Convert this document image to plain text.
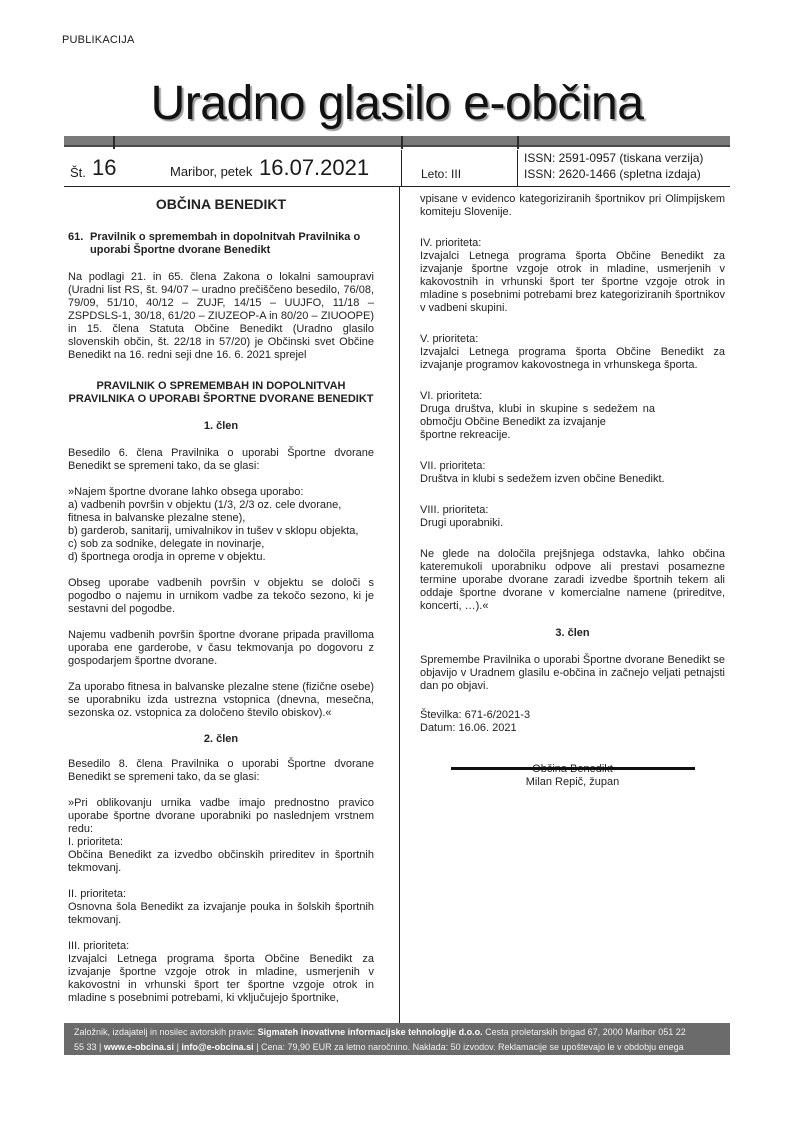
PUBLIKACIJA
Uradno glasilo e-občina
Št. 16	Maribor, petek 16.07.2021	Leto: III
ISSN: 2591-0957 (tiskana verzija)
ISSN: 2620-1466 (spletna izdaja)
OBČINA BENEDIKT
61. Pravilnik o spremembah in dopolnitvah Pravilnika o uporabi Športne dvorane Benedikt

Na podlagi 21. in 65. člena Zakona o lokalni samoupravi (Uradni list RS, št. 94/07 – uradno prečiščeno besedilo, 76/08, 79/09, 51/10, 40/12 – ZUJF, 14/15 – UUJFO, 11/18 – ZSPDSLS-1, 30/18, 61/20 – ZIUZEOP-A in 80/20 – ZIUOOPE) in 15. člena Statuta Občine Benedikt (Uradno glasilo slovenskih občin, št. 22/18 in 57/20) je Občinski svet Občine Benedikt na 16. redni seji dne 16. 6. 2021 sprejel

PRAVILNIK O SPREMEMBAH IN DOPOLNITVAH PRAVILNIKA O UPORABI ŠPORTNE DVORANE BENEDIKT
1. člen

Besedilo 6. člena Pravilnika o uporabi Športne dvorane Benedikt se spremeni tako, da se glasi:

»Najem športne dvorane lahko obsega uporabo:
a) vadbenih površin v objektu (1/3, 2/3 oz. cele dvorane, fitnesa in balvanske plezalne stene),
b) garderob, sanitarij, umivalnikov in tušev v sklopu objekta,
c) sob za sodnike, delegate in novinarje,
d) športnega orodja in opreme v objektu.

Obseg uporabe vadbenih površin v objektu se določi s pogodbo o najemu in urnikom vadbe za tekočo sezono, ki je sestavni del pogodbe.

Najemu vadbenih površin športne dvorane pripada pravilloma uporaba ene garderobe, v času tekmovanja po dogovoru z gospodarjem športne dvorane.

Za uporabo fitnesa in balvanske plezalne stene (fizične osebe) se uporabniku izda ustrezna vstopnica (dnevna, mesečna, sezonska oz. vstopnica za določeno število obiskov).«

2. člen

Besedilo 8. člena Pravilnika o uporabi Športne dvorane Benedikt se spremeni tako, da se glasi:

»Pri oblikovanju urnika vadbe imajo prednostno pravico uporabe športne dvorane uporabniki po naslednjem vrstnem redu:

I. prioriteta:
Občina Benedikt za izvedbo občinskih prireditev in športnih tekmovanj.
II. prioriteta:
Osnovna šola Benedikt za izvajanje pouka in šolskih športnih tekmovanj.
III. prioriteta:
Izvajalci Letnega programa športa Občine Benedikt za izvajanje športne vzgoje otrok in mladine, usmerjenih v kakovostni in vrhunski šport ter športne vzgoje otrok in mladine s posebnimi potrebami, ki vključujejo športnike,

vpisane v evidenco kategoriziranih športnikov pri Olimpijskem komiteju Slovenije.

IV. prioriteta:
Izvajalci Letnega programa športa Občine Benedikt za izvajanje športne vzgoje otrok in mladine, usmerjenih v kakovostnih in vrhunski šport ter športne vzgoje otrok in mladine s posebnimi potrebami brez kategoriziranih športnikov v vadbeni skupini.
V. prioriteta:
Izvajalci Letnega programa športa Občine Benedikt za izvajanje programov kakovostnega in vrhunskega športa.
VI. prioriteta:
Druga društva, klubi in skupine s sedežem na območju Občine Benedikt za izvajanje
športne rekreacije.
VII. prioriteta:
Društva in klubi s sedežem izven občine Benedikt.
VIII. prioriteta:
Drugi uporabniki.

Ne glede na določila prejšnjega odstavka, lahko občina kateremukoli uporabniku odpove ali prestavi posamezne termine uporabe dvorane zaradi izvedbe športnih tekem ali oddaje športne dvorane v komercialne namene (prireditve, koncerti, …).«

3. člen

Spremembe Pravilnika o uporabi Športne dvorane Benedikt se objavijo v Uradnem glasilu e-občina in začnejo veljati petnajsti dan po objavi.

Številka: 671-6/2021-3
Datum: 16.06. 2021
Milan Repič, župan
Založnik, izdajatelj in nosilec avtorskih pravic: Sigmateh inovativne informacijske tehnologije d.o.o. Cesta proletarskih brigad 67, 2000 Maribor 051 22
55 33 | www.e-obcina.si | info@e-obcina.si | Cena: 79,90 EUR za letno naročnino. Naklada: 50 izvodov. Reklamacije se upoštevajo le v obdobju enega
